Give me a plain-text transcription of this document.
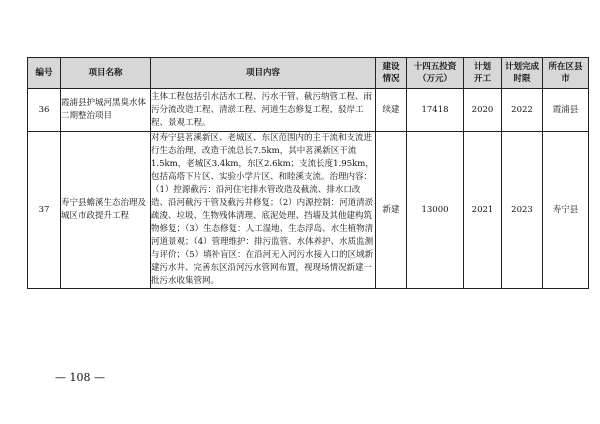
编号	项目名称	项目内容	建设情况	十四五投资（万元）	计划开工	计划完成时限	所在区县市

36	霞浦县护城河黑臭水体二期整治项目	主体工程包括引水活水工程、污水干管、截污纳管工程、雨污分流改造工程、清淤工程、河道生态修复工程、驳岸工程、景观工程。	续建	17418	2020	2022	霞浦县
37	寿宁县蟾溪生态治理及城区市政提升工程	对寿宁县茗溪新区、老城区、东区范围内的主干流和支流进行生态治理，改造干流总长7.5km，其中茗溪新区干流1.5km，老城区3.4km，东区2.6km；支流长度1.95km，包括高塔下片区、实验小学片区、和睦溪支流。治理内容：（1）控源截污：沿河住宅排水管改造及截流、排水口改造、沿河截污干管及截污井修复；（2）内源控制：河道清淤疏浚、垃圾、生物残体清理、底泥处理、挡墙及其他建构筑物修复；（3）生态修复：人工湿地、生态浮岛、水生植物清河道景观；（4）管理维护：排污监管、水体养护、水质监测与评价；（5）填补盲区：在沿河无入河污水接入口的区域新建污水井、完善东区沿河污水管网布置，视现场情况新建一批污水收集管网。	新建	13000	2021	2023	寿宁县
— 108 —
